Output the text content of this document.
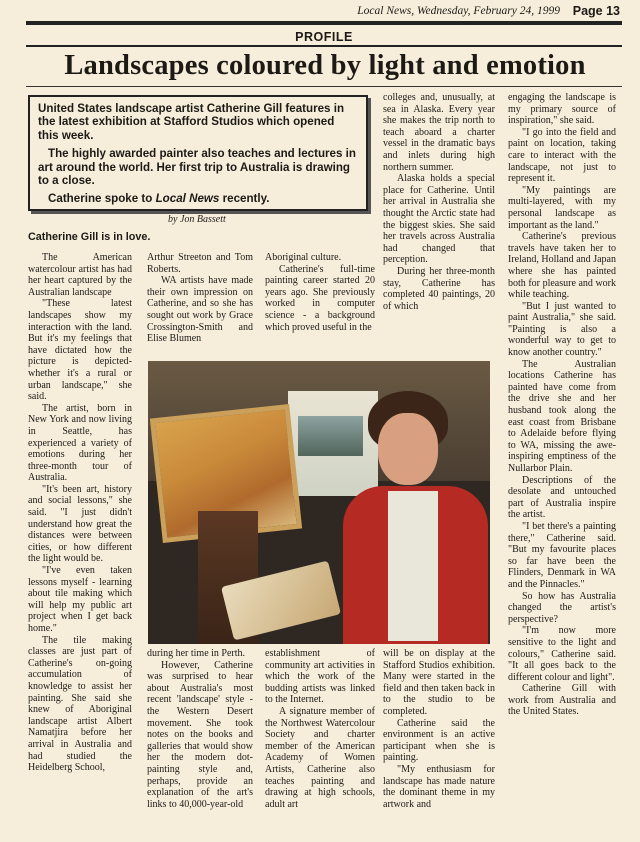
Local News, Wednesday, February 24, 1999 Page 13
PROFILE
Landscapes coloured by light and emotion

United States landscape artist Catherine Gill features in the latest exhibition at Stafford Studios which opened this week.

The highly awarded painter also teaches and lectures in art around the world. Her first trip to Australia is drawing to a close.

Catherine spoke to Local News recently.

by Jon Bassett
Catherine Gill is in love.

The American watercolour artist has had her heart captured by the Australian landscape

"These latest landscapes show my interaction with the land. But it's my feelings that have dictated how the picture is depicted- whether it's a rural or urban landscape," she said.

The artist, born in New York and now living in Seattle, has experienced a variety of emotions during her three-month tour of Australia.

"It's been art, history and social lessons," she said. "I just didn't understand how great the distances were between cities, or how different the light would be.

"I've even taken lessons myself - learning about tile making which will help my public art project when I get back home."

The tile making classes are just part of Catherine's on-going accumulation of knowledge to assist her painting. She said she knew of Aboriginal landscape artist Albert Namatjira before her arrival in Australia and had studied the Heidelberg School,

Arthur Streeton and Tom Roberts.

WA artists have made their own impression on Catherine, and so she has sought out work by Grace Crossington-Smith and Elise Blumen

Aboriginal culture.

Catherine's full-time painting career started 20 years ago. She previously worked in computer science - a background which proved useful in the

colleges and, unusually, at sea in Alaska. Every year she makes the trip north to teach aboard a charter vessel in the dramatic bays and inlets during high northern summer.

Alaska holds a special place for Catherine. Until her arrival in Australia she thought the Arctic state had the biggest skies. She said her travels across Australia had changed that perception.

During her three-month stay, Catherine has completed 40 paintings, 20 of which

during her time in Perth.

However, Catherine was surprised to hear about Australia's most recent 'landscape' style - the Western Desert movement. She took notes on the books and galleries that would show her the modern dot-painting style and, perhaps, provide an explanation of the art's links to 40,000-year-old

establishment of community art activities in which the work of the budding artists was linked to the Internet.

A signature member of the Northwest Watercolour Society and charter member of the American Academy of Women Artists, Catherine also teaches painting and drawing at high schools, adult art

will be on display at the Stafford Studios exhibition. Many were started in the field and then taken back in to the studio to be completed.

Catherine said the environment is an active participant when she is painting.

"My enthusiasm for landscape has made nature the dominant theme in my artwork and

engaging the landscape is my primary source of inspiration," she said.

"I go into the field and paint on location, taking care to interact with the landscape, not just to represent it.

"My paintings are multi-layered, with my personal landscape as important as the land."

Catherine's previous travels have taken her to Ireland, Holland and Japan where she has painted both for pleasure and work while teaching.

"But I just wanted to paint Australia," she said. "Painting is also a wonderful way to get to know another country."

The Australian locations Catherine has painted have come from the drive she and her husband took along the east coast from Brisbane to Adelaide before flying to WA, missing the awe-inspiring emptiness of the Nullarbor Plain.

Descriptions of the desolate and untouched part of Australia inspire the artist.

"I bet there's a painting there," Catherine said. "But my favourite places so far have been the Flinders, Denmark in WA and the Pinnacles."

So how has Australia changed the artist's perspective?

"I'm now more sensitive to the light and colours," Catherine said. "It all goes back to the different colour and light".

Catherine Gill with work from Australia and the United States.
